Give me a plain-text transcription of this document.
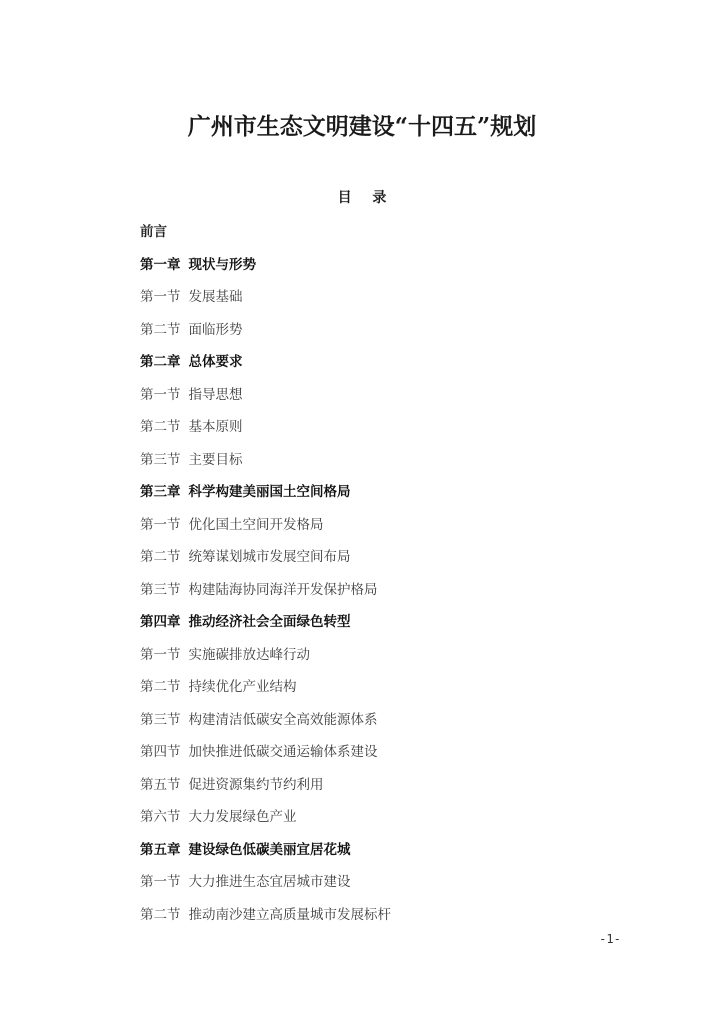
广州市生态文明建设“十四五”规划
目 录
前言
第一章 现状与形势
第一节 发展基础
第二节 面临形势
第二章 总体要求
第一节 指导思想
第二节 基本原则
第三节 主要目标
第三章 科学构建美丽国土空间格局
第一节 优化国土空间开发格局
第二节 统筹谋划城市发展空间布局
第三节 构建陆海协同海洋开发保护格局
第四章 推动经济社会全面绿色转型
第一节 实施碳排放达峰行动
第二节 持续优化产业结构
第三节 构建清洁低碳安全高效能源体系
第四节 加快推进低碳交通运输体系建设
第五节 促进资源集约节约利用
第六节 大力发展绿色产业
第五章 建设绿色低碳美丽宜居花城
第一节 大力推进生态宜居城市建设
第二节 推动南沙建立高质量城市发展标杆
-1-
